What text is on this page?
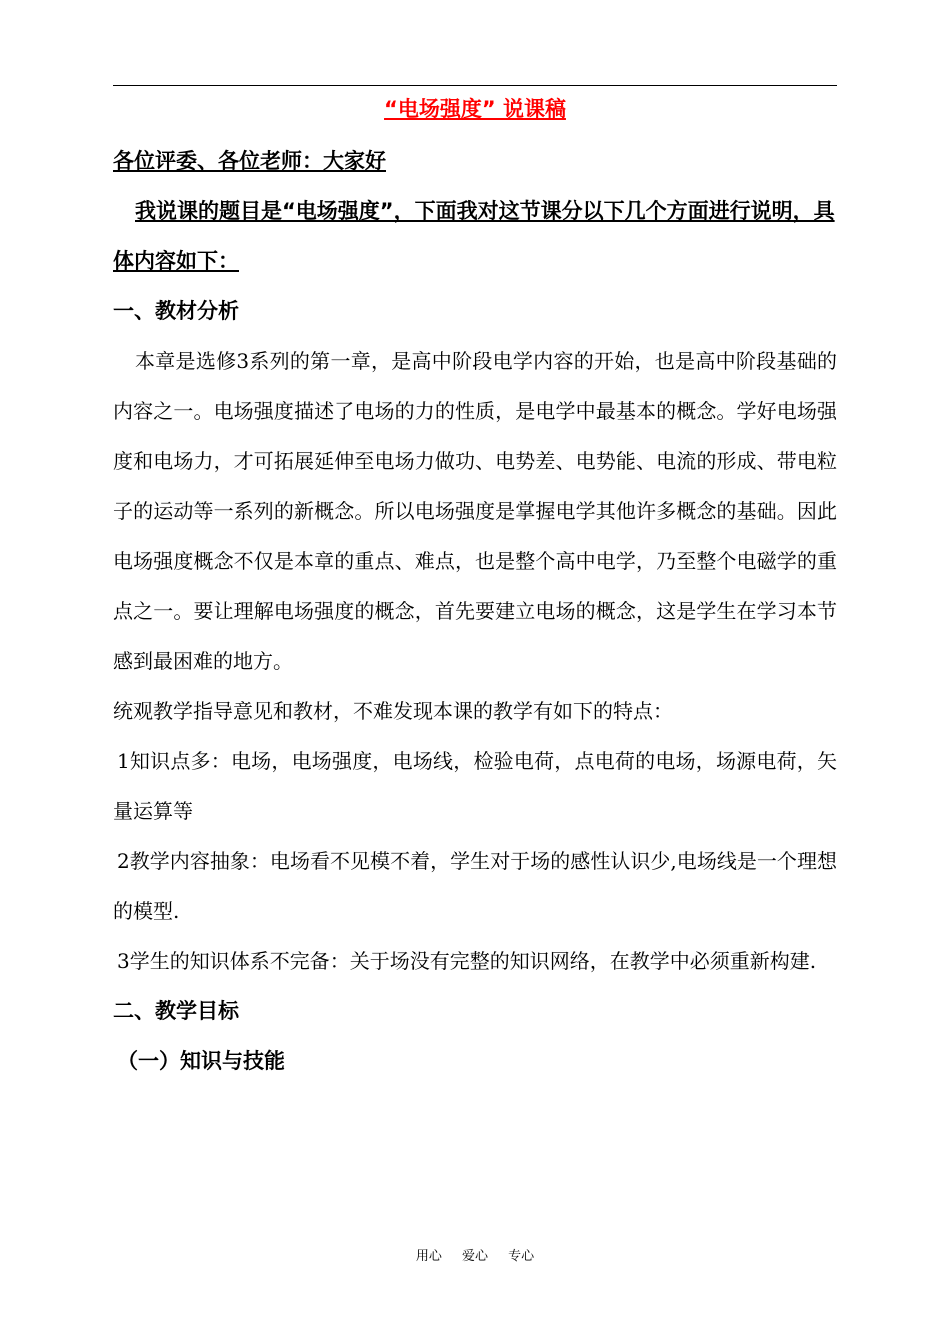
“电场强度” 说课稿

各位评委、各位老师：大家好

我说课的题目是“电场强度”，下面我对这节课分以下几个方面进行说明，具体内容如下：

一、教材分析

本章是选修3系列的第一章，是高中阶段电学内容的开始，也是高中阶段基础的内容之一。电场强度描述了电场的力的性质，是电学中最基本的概念。学好电场强度和电场力，才可拓展延伸至电场力做功、电势差、电势能、电流的形成、带电粒子的运动等一系列的新概念。所以电场强度是掌握电学其他许多概念的基础。因此电场强度概念不仅是本章的重点、难点，也是整个高中电学，乃至整个电磁学的重点之一。要让理解电场强度的概念，首先要建立电场的概念，这是学生在学习本节感到最困难的地方。

统观教学指导意见和教材，不难发现本课的教学有如下的特点：

1知识点多：电场，电场强度，电场线，检验电荷，点电荷的电场，场源电荷，矢量运算等

2教学内容抽象：电场看不见模不着，学生对于场的感性认识少,电场线是一个理想的模型.

3学生的知识体系不完备：关于场没有完整的知识网络，在教学中必须重新构建.

二、教学目标

（一）知识与技能

用心 爱心 专心
